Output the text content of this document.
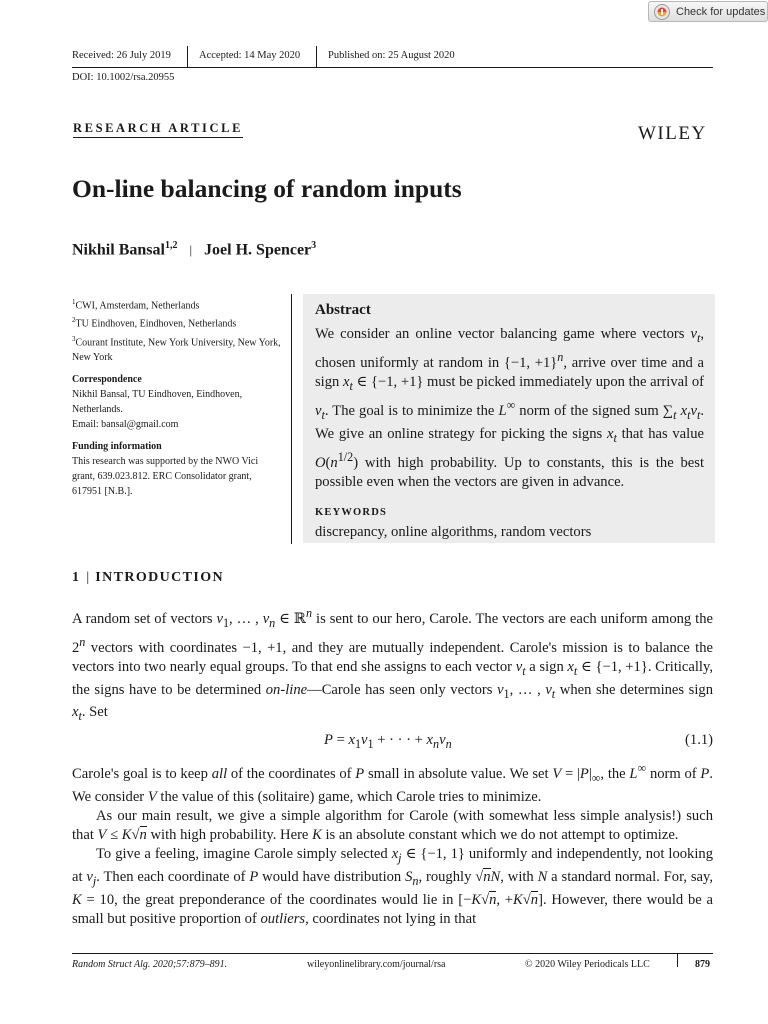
Check for updates
Received: 26 July 2019	Accepted: 14 May 2020	Published on: 25 August 2020
DOI: 10.1002/rsa.20955
RESEARCH ARTICLE	WILEY
On-line balancing of random inputs
Nikhil Bansal$^{1,2}$ | Joel H. Spencer$^3$

$^1$CWI, Amsterdam, Netherlands

$^2$TU Eindhoven, Eindhoven, Netherlands

$^3$Courant Institute, New York University, New York, New York

Correspondence
Nikhil Bansal, TU Eindhoven, Eindhoven, Netherlands.
Email: bansal@gmail.com
Funding information
This research was supported by the NWO Vici grant, 639.023.812. ERC Consolidator grant, 617951 [N.B.].
Abstract
We consider an online vector balancing game where vectors $v_t$, chosen uniformly at random in {−1, +1}$^n$, arrive over time and a sign $x_t$ ∈ {−1, +1} must be picked immediately upon the arrival of $v_t$. The goal is to minimize the L∞ norm of the signed sum $\sum_t$ $x_tv_t$. We give an online strategy for picking the signs $x_t$ that has value $O(n^{1/2})$ with high probability. Up to constants, this is the best possible even when the vectors are given in advance.
KEYWORDS
discrepancy, online algorithms, random vectors
1 | INTRODUCTION

A random set of vectors $v_1$, … , $v_n$ ∈ ℝ$^n$ is sent to our hero, Carole. The vectors are each uniform among the 2$^n$ vectors with coordinates −1, +1, and they are mutually independent. Carole's mission is to balance the vectors into two nearly equal groups. To that end she assigns to each vector $v_t$ a sign $x_t$ ∈ {−1, +1}. Critically, the signs have to be determined on-line—Carole has seen only vectors $v_1$, … , $v_t$ when she determines sign $x_t$. Set

$P = x_1v_1$ + · · · + $x_nv_n$	(1.1)

Carole's goal is to keep all of the coordinates of P small in absolute value. We set $V = |P|_\infty$, the L∞ norm of P. We consider V the value of this (solitaire) game, which Carole tries to minimize.

As our main result, we give a simple algorithm for Carole (with somewhat less simple analysis!) such that V ≤ K√n with high probability. Here K is an absolute constant which we do not attempt to optimize.

To give a feeling, imagine Carole simply selected $x_j$ ∈ {−1, 1} uniformly and independently, not looking at $v_j$. Then each coordinate of P would have distribution $S_n$, roughly √nN, with N a standard normal. For, say, K = 10, the great preponderance of the coordinates would lie in [−K√n, +K√n]. However, there would be a small but positive proportion of outliers, coordinates not lying in that

Random Struct Alg. 2020;57:879–891.	wileyonlinelibrary.com/journal/rsa	© 2020 Wiley Periodicals LLC	879
